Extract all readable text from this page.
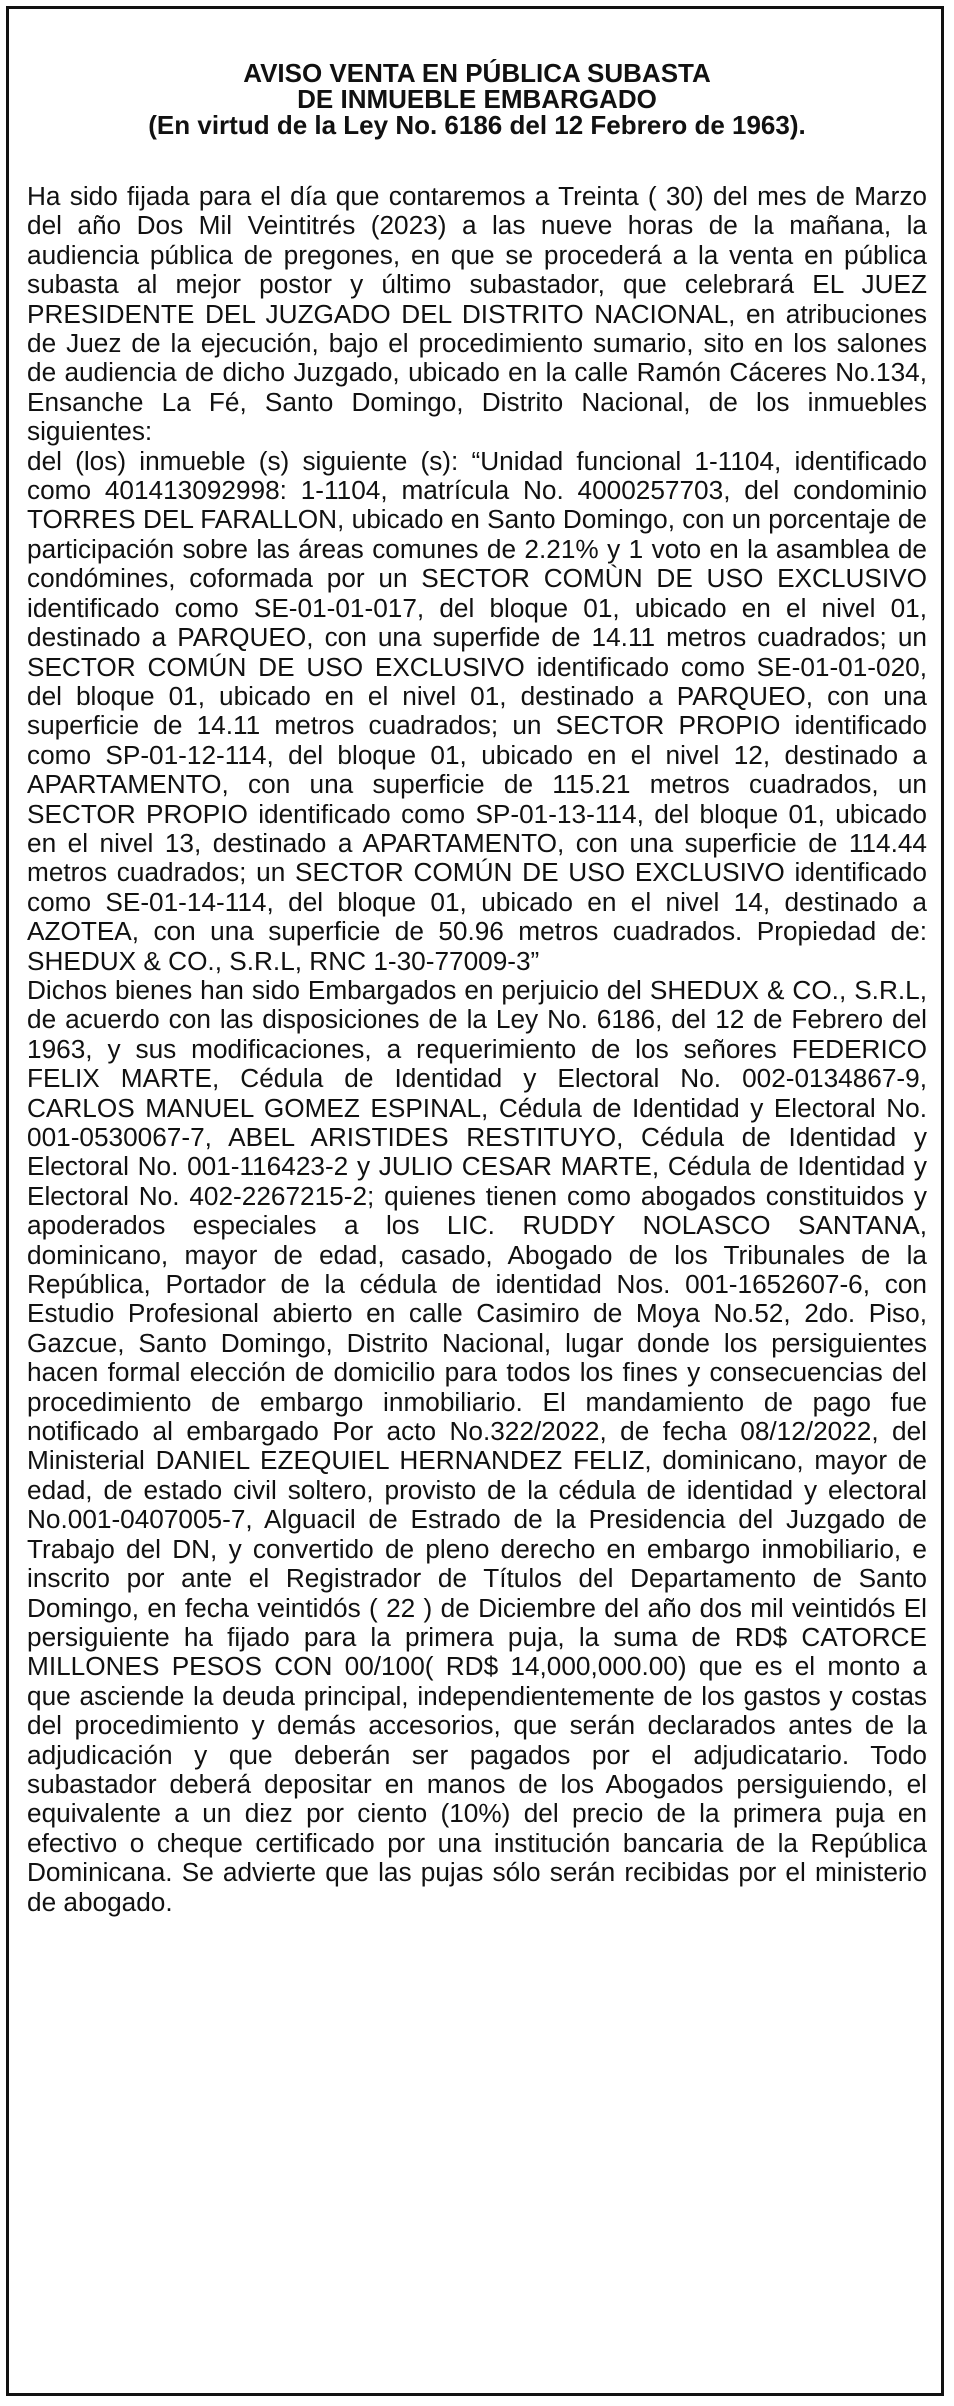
AVISO VENTA EN PÚBLICA SUBASTA
DE INMUEBLE EMBARGADO
(En virtud de la Ley No. 6186 del 12 Febrero de 1963).

Ha sido fijada para el día que contaremos a Treinta ( 30) del mes de Marzo del año Dos Mil Veintitrés (2023) a las nueve horas de la mañana, la audiencia pública de pregones, en que se procederá a la venta en pública subasta al mejor postor y último subastador, que celebrará EL JUEZ PRESIDENTE DEL JUZGADO DEL DISTRITO NACIONAL, en atribuciones de Juez de la ejecución, bajo el procedimiento sumario, sito en los salones de audiencia de dicho Juzgado, ubicado en la calle Ramón Cáceres No.134, Ensanche La Fé, Santo Domingo, Distrito Nacional, de los inmuebles siguientes:

del (los) inmueble (s) siguiente (s): “Unidad funcional 1-1104, identificado como 401413092998: 1-1104, matrícula No. 4000257703, del condominio TORRES DEL FARALLON, ubicado en Santo Domingo, con un porcentaje de participación sobre las áreas comunes de 2.21% y 1 voto en la asamblea de condómines, coformada por un SECTOR COMÙN DE USO EXCLUSIVO identificado como SE-01-01-017, del bloque 01, ubicado en el nivel 01, destinado a PARQUEO, con una superfide de 14.11 metros cuadrados; un SECTOR COMÚN DE USO EXCLUSIVO identificado como SE-01-01-020, del bloque 01, ubicado en el nivel 01, destinado a PARQUEO, con una superficie de 14.11 metros cuadrados; un SECTOR PROPIO identificado como SP-01-12-114, del bloque 01, ubicado en el nivel 12, destinado a APARTAMENTO, con una superficie de 115.21 metros cuadrados, un SECTOR PROPIO identificado como SP-01-13-114, del bloque 01, ubicado en el nivel 13, destinado a APARTAMENTO, con una superficie de 114.44 metros cuadrados; un SECTOR COMÚN DE USO EXCLUSIVO identificado como SE-01-14-114, del bloque 01, ubicado en el nivel 14, destinado a AZOTEA, con una superficie de 50.96 metros cuadrados. Propiedad de: SHEDUX & CO., S.R.L, RNC 1-30-77009-3”

Dichos bienes han sido Embargados en perjuicio del SHEDUX & CO., S.R.L, de acuerdo con las disposiciones de la Ley No. 6186, del 12 de Febrero del 1963, y sus modificaciones, a requerimiento de los señores FEDERICO FELIX MARTE, Cédula de Identidad y Electoral No. 002-0134867-9, CARLOS MANUEL GOMEZ ESPINAL, Cédula de Identidad y Electoral No. 001-0530067-7, ABEL ARISTIDES RESTITUYO, Cédula de Identidad y Electoral No. 001-116423-2 y JULIO CESAR MARTE, Cédula de Identidad y Electoral No. 402-2267215-2; quienes tienen como abogados constituidos y apoderados especiales a los LIC. RUDDY NOLASCO SANTANA, dominicano, mayor de edad, casado, Abogado de los Tribunales de la República, Portador de la cédula de identidad Nos. 001-1652607-6, con Estudio Profesional abierto en calle Casimiro de Moya No.52, 2do. Piso, Gazcue, Santo Domingo, Distrito Nacional, lugar donde los persiguientes hacen formal elección de domicilio para todos los fines y consecuencias del procedimiento de embargo inmobiliario. El mandamiento de pago fue notificado al embargado Por acto No.322/2022, de fecha 08/12/2022, del Ministerial DANIEL EZEQUIEL HERNANDEZ FELIZ, dominicano, mayor de edad, de estado civil soltero, provisto de la cédula de identidad y electoral No.001-0407005-7, Alguacil de Estrado de la Presidencia del Juzgado de Trabajo del DN, y convertido de pleno derecho en embargo inmobiliario, e inscrito por ante el Registrador de Títulos del Departamento de Santo Domingo, en fecha veintidós ( 22 ) de Diciembre del año dos mil veintidós El persiguiente ha fijado para la primera puja, la suma de RD$ CATORCE MILLONES PESOS CON 00/100( RD$ 14,000,000.00) que es el monto a que asciende la deuda principal, independientemente de los gastos y costas del procedimiento y demás accesorios, que serán declarados antes de la adjudicación y que deberán ser pagados por el adjudicatario. Todo subastador deberá depositar en manos de los Abogados persiguiendo, el equivalente a un diez por ciento (10%) del precio de la primera puja en efectivo o cheque certificado por una institución bancaria de la República Dominicana. Se advierte que las pujas sólo serán recibidas por el ministerio de abogado.
